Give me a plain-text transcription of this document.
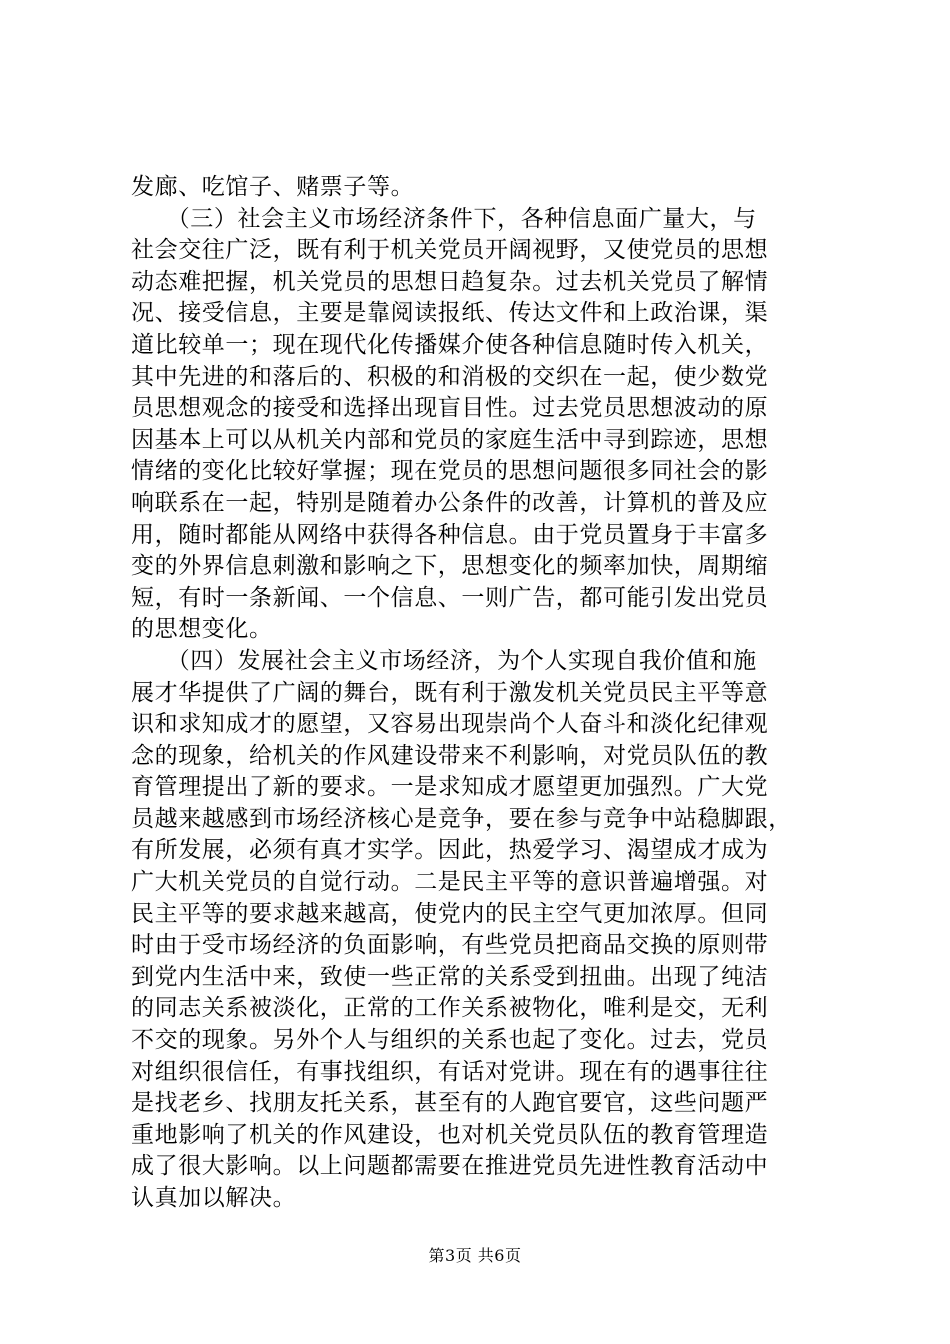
发廊、吃馆子、赌票子等。
　　（三）社会主义市场经济条件下，各种信息面广量大，与
社会交往广泛，既有利于机关党员开阔视野，又使党员的思想
动态难把握，机关党员的思想日趋复杂。过去机关党员了解情
况、接受信息，主要是靠阅读报纸、传达文件和上政治课，渠
道比较单一；现在现代化传播媒介使各种信息随时传入机关，
其中先进的和落后的、积极的和消极的交织在一起，使少数党
员思想观念的接受和选择出现盲目性。过去党员思想波动的原
因基本上可以从机关内部和党员的家庭生活中寻到踪迹，思想
情绪的变化比较好掌握；现在党员的思想问题很多同社会的影
响联系在一起，特别是随着办公条件的改善，计算机的普及应
用，随时都能从网络中获得各种信息。由于党员置身于丰富多
变的外界信息刺激和影响之下，思想变化的频率加快，周期缩
短，有时一条新闻、一个信息、一则广告，都可能引发出党员
的思想变化。
　　（四）发展社会主义市场经济，为个人实现自我价值和施
展才华提供了广阔的舞台，既有利于激发机关党员民主平等意
识和求知成才的愿望，又容易出现崇尚个人奋斗和淡化纪律观
念的现象，给机关的作风建设带来不利影响，对党员队伍的教
育管理提出了新的要求。一是求知成才愿望更加强烈。广大党
员越来越感到市场经济核心是竞争，要在参与竞争中站稳脚跟，
有所发展，必须有真才实学。因此，热爱学习、渴望成才成为
广大机关党员的自觉行动。二是民主平等的意识普遍增强。对
民主平等的要求越来越高，使党内的民主空气更加浓厚。但同
时由于受市场经济的负面影响，有些党员把商品交换的原则带
到党内生活中来，致使一些正常的关系受到扭曲。出现了纯洁
的同志关系被淡化，正常的工作关系被物化，唯利是交，无利
不交的现象。另外个人与组织的关系也起了变化。过去，党员
对组织很信任，有事找组织，有话对党讲。现在有的遇事往往
是找老乡、找朋友托关系，甚至有的人跑官要官，这些问题严
重地影响了机关的作风建设，也对机关党员队伍的教育管理造
成了很大影响。以上问题都需要在推进党员先进性教育活动中
认真加以解决。
第3页 共6页
